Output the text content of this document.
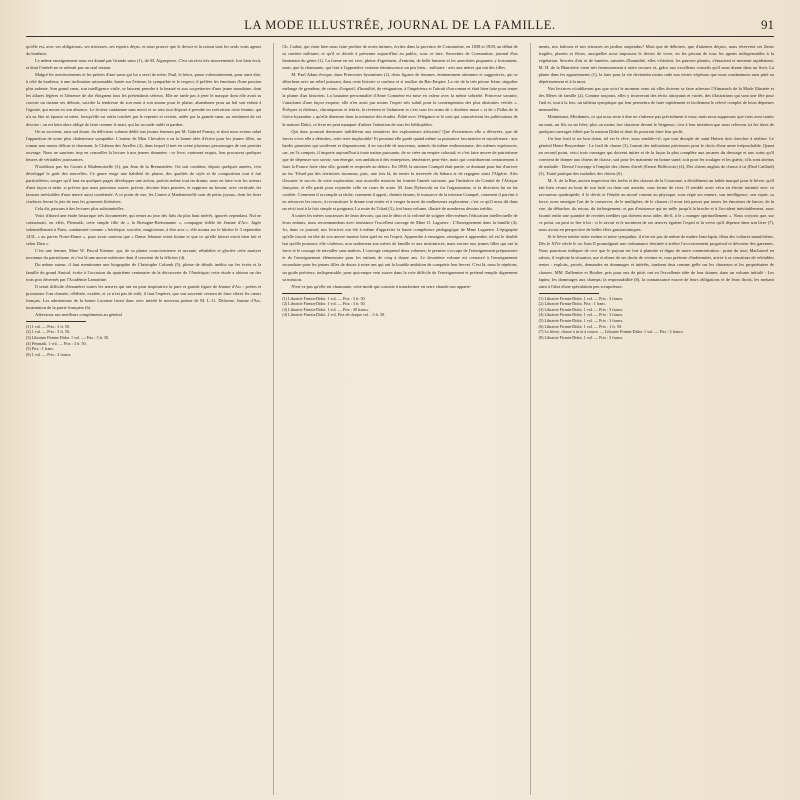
LA MODE ILLUSTRÉE, JOURNAL DE LA FAMILLE.	91

qu'elle est, avec ses obligations, ses tristesses, ses espoirs déçus, et nous prouve que le devoir et la raison sont les seuls vrais agents du bonheur.

Le même enseignement nous est donné par Grande sœur (1), de M. Aigueperse. C'est un récit très mouvementé, fort bien écrit, et dont l'intérêt ne se ralentit pas un seul instant.

Malgré les avertissements et les prières d'une sœur qui lui a servi de mère, Paul, le héros, passe volontairement, pour ainsi dire, à côté du bonheur; à une inclination raisonnable, basée sur l'estime, la sympathie et le respect, il préfère les émotions d'une passion plus ardente. Son grand cœur, son intelligence virile, se laissent prendre à la beauté et aux coquetteries d'une jeune mondaine, dont les allures légères et l'absence de dot éloignent tous les prétendants sérieux. Elle ne tarde pas à jeter le masque dont elle avait su couvrir un instant ses défauts, sacrifie la tendresse de son mari à son amour pour le plaisir, abandonne pour un bal son enfant à l'agonie, qui meurt en son absence. Le lecteur condamne sans merci et se sent tout disposé à prendre en exécration cette femme, qui n'a su être ni épouse ni mère, lorsqu'elle est enfin touchée par le repentir et revient, aidée par la grande sœur, au sentiment de ses devoirs : on est bien alors obligé de faire comme le mari, qui lui accorde oubli et pardon.

On se souvient, sans nul doute, du délicieux volume dédié aux jeunes femmes par M. Gabriel Franay, et dont nous avions salué l'apparition de notre plus chaleureuse sympathie. L'auteur de Mon Chevalier a eu la bonne idée d'écrire pour les jeunes filles, un roman non moins délicat et charmant, le Château des Airelles (2), dans lequel il met en scène plusieurs personnages de son premier ouvrage. Nous ne saurions trop en conseiller la lecture à nos jeunes abonnées : ce livre, vraiment exquis, leur procurera quelques heures de véritables jouissances.

N'oublions pas les Contes à Mademoiselle (3), par Jean de la Brenmatière. On sait combien, depuis quelques années, s'est développé le goût des nouvelles. Ce genre exige une habileté de plume, des qualités de style et de composition tout à fait particulières; songer qu'il faut en quelques pages développer une action, parfois même tout un drame; nous en faire voir les acteurs d'une façon si nette, si précise que nous puissions suivre, prévoir, deviner leurs pensées, et supposer au besoin, avec certitude, les lacunes inévitables d'une œuvre aussi condensée. A ce point de vue, les Contes à Mademoiselle sont de petits joyaux, dont les fines ciselures feront la joie de tous les gourmets littéraires.

Cela dit, passons à des lectures plus substantielles.

Voici d'abord une étude historique très documentée, qui remet au jour des faits du plus haut intérêt, ignorés cependant. Nul ne connaissait, en effet, Péronaïk, cette simple fille de « la Bretagne-Bretonnante », compagne fidèle de Jeanne d'Arc. Jugée solennellement à Paris, condamnée comme « hérétique, sorcière, magicienne, à être arse », elle monta sur le bûcher le 3 septembre 1431, « au parvis Notre-Dame », pour avoir soutenu que « Dame Jehanne estoit bonne et que ce qu'elle faisoit estoit bien fait et selon Dieu ».

C'est une femme, Mme W. Pascal Etienne, qui, de sa plume consciencieuse et savante, réhabilite et glorifie cette martyre inconnue du patriotisme, et c'est là une œuvre méritoire dont il convient de la féliciter (4).

Du même auteur, il faut mentionner une biographie de Christophe Colomb (5), pleine de détails inédits sur les écrits et la famille du grand Amiral, écrite à l'occasion du quatrième centenaire de la découverte de l'Amérique; cette étude a obtenu un des trois prix décernés par l'Académie Lamartine.

Il serait difficile d'énumérer toutes les œuvres qui ont eu pour inspiratrice la pure et grande figure de Jeanne d'Arc : poètes et prosateurs l'ont chantée, célébrée, exaltée, et ce n'est pas de sitôt, il faut l'espérer, que son souvenir cessera de faire vibrer les cœurs français. Les admirateurs de la bonne Lorraine liront donc avec intérêt le nouveau poème de M. L.-G. Delorme, Jeanne d'Arc, incarnation de la patrie française (6).

Adressons nos meilleurs compliments au général

(1) 1 vol. — Prix : 3 fr. 50.
(2) 1 vol. — Prix : 3 fr. 50.
(3) Librairie Firmin-Didot. 1 vol. — Prix : 3 fr. 50.
(4) Péronaïk. 1 vol. — Prix : 3 fr. 50.
(5) Prix : 1 franc.
(6) 1 vol. — Prix : 2 francs.

Ch. Cadart, qui vient bien nous faire profiter de notes intimes, écrites dans la province de Constantine, en 1838 et 1839, au début de sa carrière militaire, et qu'il se décide à présenter aujourd'hui au public, sous ce titre, Souvenirs de Constantine, journal d'un lieutenant du génie (1). La forme en est vive, pleine d'agrément, d'entrain, de belle humeur et les anecdotes piquantes y foisonnent, mais, que la charmante, qui font à l'appendice certaine réminiscence un peu bien... militaire : avis aux mères qui ont des filles.

M. Paul Adam évoque, dans Princesses byzantines (2), deux figures de femmes, éminemment attirantes et suggestives, qui se détachent avec un relief puissant, dans cette histoire si confuse et si touffue du Bas-Empire. La vie de la très pieuse Irène, singulier mélange de grandeur, de crime, d'orgueil, d'humilité, de résignation, à l'impérieux et l'attrait d'un roman et était bien faite pour tenter la plume d'un historien. La hautaine personnalité d'Anne Comnène est mise en valeur avec la même sobriété. Princesse savante, s'attachant d'une façon exquise, elle n'en avait pas moins l'esprit très subtil pour la contemplation des plus abstraites vérités ». Évêques et rhéteurs, chroniqueurs et lettrés, la révèrent et l'admirent et c'est sous les noms de « dixième muse » et de « Pallas de la Grèce byzantine » qu'elle demeure dans la mémoire des érudits. Édité avec l'élégance et le soin qui caractérisent les publications de la maison Didot, ce livre ne peut manquer d'attirer l'attention de tous les bibliophiles.

Qui donc pourrait demeurer indifférent aux tentatives des explorateurs africains? Que d'existences elle a dévorées, que de forces vives elle a détruites, cette terre implacable! Et pourtant elle garde quand même sa puissance fascinatrice et mystérieuse : aux hardis pionniers qui soulèvent et disparaissent, il en succède de nouveaux, animés du même enthousiasme, des mêmes espérances; car, on l'a compris, il importe aujourd'hui à toute nation puissante, de se créer un empire colonial; et c'est faire œuvre de patriotisme que de dépenser son savoir, son énergie, son ambition à des entreprises, téméraires peut-être, mais qui contribueront certainement à faire la France forte chez elle, grande et respectée au dehors. En 1890, la mission Crampel était partie, se donnant pour but d'arriver au lac Tchad par des territoires inconnus, puis, une fois là, de tenter la traversée du Sahara et de regagner ainsi l'Algérie. Afin d'assurer le succès de cette exploration, une nouvelle mission fut formée l'année suivante, par l'initiative du Comité de l'Afrique française, et elle partit pour rejoindre celle en cours de route. M. Jean Dybowski en fut l'organisateur, et la direction lui en fut confiée. Comment il accomplit sa tâche, comment il apprit, chemin faisant, le massacre de la mission Crampel, comment il parvint à en retrouver les traces, à reconstituer le drame tout entier et à venger la mort du malheureux explorateur, c'est ce qu'il nous dit dans un récit tout à la fois simple et poignant, La route du Tchad (3), fort beau volume, illustré de nombreux dessins inédits.

A toutes les mères soucieuses de leurs devoirs, qui ont le désir et la volonté de soigner elles-mêmes l'éducation intellectuelle de leurs enfants, nous recommandons avec insistance l'excellent ouvrage de Mme O. Laguerre : L'Enseignement dans la famille (4). Ici, dans ce journal, nos lectrices ont été à même d'apprécier la haute compétence pédagogique de Mme Laguerre. L'épigraphe qu'elle inscrit en tête de son œuvre montre bien quel en est l'esprit. Apprendre à enseigner, enseigner à apprendre; tel est le double but qu'elle poursuit; elle s'adresse, non seulement aux mères de famille et aux institutrices, mais encore aux jeunes filles qui ont la force et le courage de travailler sans maîtres. L'ouvrage comprend deux volumes; le premier s'occupe de l'enseignement préparatoire et de l'enseignement élémentaire pour les enfants de cinq à douze ans. Le deuxième volume est consacré à l'enseignement secondaire pour les jeunes filles de douze à seize ans qui ont la louable ambition de conquérir leur brevet. C'est là, nous le répétons, un guide précieux, indispensable, pour quiconque veut suivre dans la voie difficile de l'enseignement et prétend remplir dignement sa mission.

N'est-ce pas qu'elle est charmante, cette mode qui consiste à transformer en serre chaude nos apparte-

(1) Librairie Firmin-Didot. 1 vol. — Prix : 3 fr. 50.
(2) Librairie Firmin-Didot. 1 vol. — Prix : 3 fr. 50.
(3) Librairie Firmin-Didot. 1 vol. — Prix : 30 francs.
(4) Librairie Firmin-Didot. 2 vol. Prix de chaque vol. : 3 fr. 50.

ments, nos balcons et nos terrasses en jardins suspendus? Mais que de déboires, que d'attentes déçues, nous réservent ces fleurs fragiles, plantes et fleurs, auxquelles nous imposons le devoir de vivre, en les privant de tous les agents indispensables à la végétation. Sevrées d'air et de lumière, saturées d'humidité, elles s'étiolent, les pauvres plantes, s'émacient et meurent rapidement. M. H. de la Blanchère vient très heureusement à notre secours et, grâce aux excellents conseils qu'il nous donne dans un livre, La plante dans les appartements (1), la lutte pour la vie deviendra moins rude aux tristes végétaux que nous condamnons sans pitié au dépérissement et à la mort.

Nos lectrices n'oublieront pas que voici le moment venu où elles doivent se faire adresser l'Almanach de la Mode Illustrée et des Mères de famille (2). Comme toujours, elles y trouveront des récits attrayants et variés, des illustrations qui sont une fête pour l'œil et, tout à la fois, un tableau synoptique qui leur permettra de faire rapidement et facilement le relevé complet de leurs dépenses mensuelles.

Maintenant, Mesdames, ce qui nous reste à dire ne s'adresse pas précisément à vous; mais nous supposons que vous avez toutes un mari, un fils ou un frère, plus ou moins fort chasseur devant le Seigneur; c'est à leur intention que nous relevons ici les titres de quelques ouvrages édités par la maison Didot et dont ils pourront faire leur profit.

Un bon fusil et un bon chien, tel est le rêve, nous semble-t-il, que tout disciple de saint Hubert doit chercher à réaliser. Le général Henri-Bruyerdane : Le fusil de chasse (3), fournit des indications précieuses pour le choix d'une arme irréprochable. Quant au second point, voici trois ouvrages qui doivent initier et de la façon la plus complète aux arcanes du dressage et aux soins qu'il convient de donner aux chiens de chasse, soit pour les maintenir en bonne santé, soit pour les soulager et les guérir, s'ils sont atteints de maladie : Dressé l'ouvrage à l'emploi des chiens d'arrêt (Ernest Bellecroix) (4), Des chiens anglais de chasse à tir (Paul Caillard) (5), Traité pratique des maladies des chiens (6).

M. A. de la Rue, ancien inspecteur des forêts et des chasses de la Couronne, a décidément un faible marqué pour le lièvre, qu'il fait bien vivant au bout de son fusil ou dans son assiette, sous forme de civet. Il semble avoir vécu en étroite intimité avec ce savoureux quadrupède; il le décrit et l'étudie au moral comme au physique, sous régie ses mœurs, son intelligence, son esprit, sa force, nous enseigne l'art de le conserver, de le multiplier, de le chasser; il nous fait passer par toutes les émotions de lancer, de la vue, du débucher, du retour, du forlongement; et pas d'existence qui ne mêle jusqu'à la broche et à l'accident inévitablement, nous fournit enfin une quantité de recettes inédites qui doivent nous aider, dit-il, à le « manger spirituellement ». Nous croyons que, sur ce point, on peut se fier à lui : si le savoir et le montrent de ses œuvres égalent l'esprit et la verve qu'il dépense dans son livre (7), nous avons en perspective de belles fêtes gastronomiques.

Si le lièvre mérite notre estime et notre sympathie, il n'en est pas de même de maître Jean-lapin, fléau des cultures maraîchères. Dès le XIVe siècle le roi Jean II promulguait une ordonnance destinée à arrêter l'accroissement progressif et dévoreur des garennes. Nous pourrions indiquer de ceci que le paysan est fort à plaindre et digne de notre commisération : point du tout; Machiavel en sabots, il exploite la situation, use et abuse de ses droits de victime et, sous prétexte d'indemnités, arrive à se constituer de véritables rentes : exploits, procès, demandes en dommages et intérêts, tombent drus comme grêle sur les chasseurs et les propriétaires de chasses. MM. Dallemier et Boulier, pris pour eux de pitié, ont eu l'excellente idée de leur donner, dans un volume intitulé : Les lapins; les dommages aux champs; la responsabilité (8), la connaissance exacte de leurs obligations et de leurs droits, les mettant ainsi à l'abri d'une spéculation peu scrupuleuse.

(1) Librairie Firmin-Didot. 1 vol. — Prix : 3 francs.
(2) Librairie Firmin-Didot. Prix : 1 franc.
(3) Librairie Firmin-Didot. 1 vol. — Prix : 3 francs.
(4) Librairie Firmin-Didot. 1 vol. — Prix : 3 francs.
(5) Librairie Firmin-Didot. 1 vol. — Prix : 3 francs.
(6) Librairie Firmin-Didot. 1 vol. — Prix : 1 fr. 50.
(7) Le lièvre, chasse à tir et à courre. — Librairie Firmin-Didot. 1 vol. — Prix : 3 francs.
(8) Librairie Firmin-Didot. 1 vol. — Prix : 3 francs.
